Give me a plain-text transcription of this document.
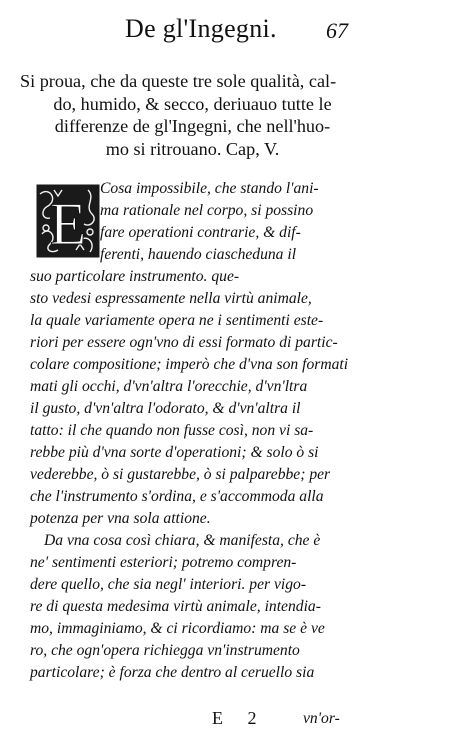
De gl'Ingegni. 67
Si proua, che da queste tre sole qualità, cal-
do, humido, & secco, deriuauo tutte le
differenze de gl'Ingegni, che nell'huo-
mo si ritrouano. Cap, V.
E
Cosa impossibile, che stando l'ani-
ma rationale nel corpo, si possino
fare operationi contrarie, & dif-
ferenti, hauendo ciascheduna il
suo particolare instrumento. que-
sto vedesi espressamente nella virtù animale,
la quale variamente opera ne i sentimenti este-
riori per essere ogn'vno di essi formato di partic-
colare compositione; imperò che d'vna son formati
mati gli occhi, d'vn'altra l'orecchie, d'vn'ltra
il gusto, d'vn'altra l'odorato, & d'vn'altra il
tatto: il che quando non fusse così, non vi sa-
rebbe più d'vna sorte d'operationi; & solo ò si
vederebbe, ò si gustarebbe, ò si palparebbe; per
che l'instrumento s'ordina, e s'accommoda alla
potenza per vna sola attione.
Da vna cosa così chiara, & manifesta, che è
ne' sentimenti esteriori; potremo compren-
dere quello, che sia negl' interiori. per vigo-
re di questa medesima virtù animale, intendia-
mo, immaginiamo, & ci ricordiamo: ma se è ve
ro, che ogn'opera richiegga vn'instrumento
particolare; è forza che dentro al ceruello sia
E 2 vn'or-
